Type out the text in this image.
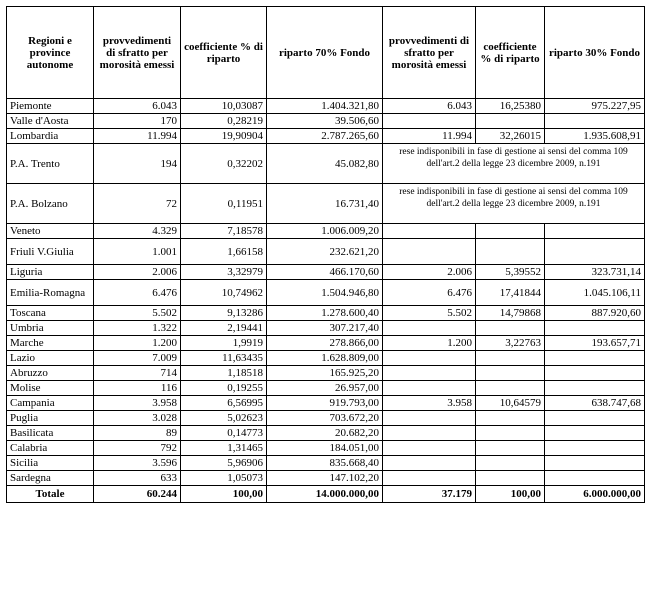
Regioni e province autonome	provvedimenti di sfratto per morosità emessi	coefficiente % di riparto	riparto 70% Fondo	provvedimenti di sfratto per morosità emessi	coefficiente % di riparto	riparto 30% Fondo
Piemonte	6.043	10,03087	1.404.321,80	6.043	16,25380	975.227,95
Valle d'Aosta	170	0,28219	39.506,60			
Lombardia	11.994	19,90904	2.787.265,60	11.994	32,26015	1.935.608,91
P.A. Trento	194	0,32202	45.082,80	rese indisponibili in fase di gestione ai sensi del comma 109 dell'art.2 della legge 23 dicembre 2009, n.191		
P.A. Bolzano	72	0,11951	16.731,40	rese indisponibili in fase di gestione ai sensi del comma 109 dell'art.2 della legge 23 dicembre 2009, n.191		
Veneto	4.329	7,18578	1.006.009,20			
Friuli V.Giulia	1.001	1,66158	232.621,20			
Liguria	2.006	3,32979	466.170,60	2.006	5,39552	323.731,14
Emilia-Romagna	6.476	10,74962	1.504.946,80	6.476	17,41844	1.045.106,11
Toscana	5.502	9,13286	1.278.600,40	5.502	14,79868	887.920,60
Umbria	1.322	2,19441	307.217,40			
Marche	1.200	1,9919	278.866,00	1.200	3,22763	193.657,71
Lazio	7.009	11,63435	1.628.809,00			
Abruzzo	714	1,18518	165.925,20			
Molise	116	0,19255	26.957,00			
Campania	3.958	6,56995	919.793,00	3.958	10,64579	638.747,68
Puglia	3.028	5,02623	703.672,20			
Basilicata	89	0,14773	20.682,20			
Calabria	792	1,31465	184.051,00			
Sicilia	3.596	5,96906	835.668,40			
Sardegna	633	1,05073	147.102,20			
Totale	60.244	100,00	14.000.000,00	37.179	100,00	6.000.000,00
